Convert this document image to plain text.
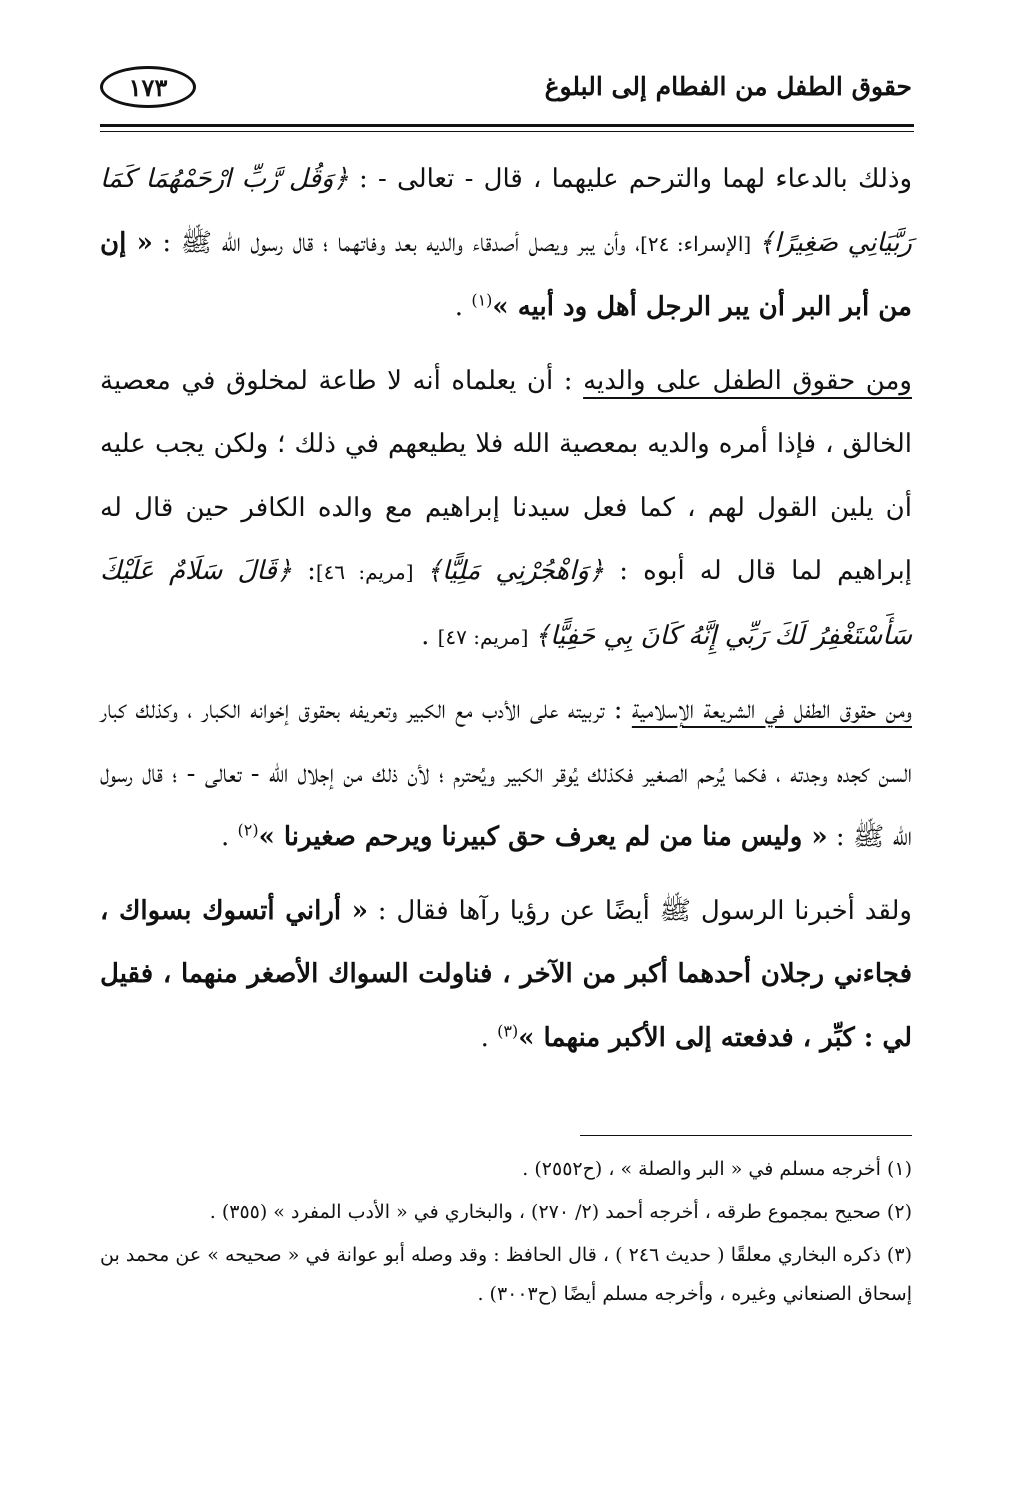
حقوق الطفل من الفطام إلى البلوغ
١٧٣

وذلك بالدعاء لهما والترحم عليهما ، قال - تعالى - : ﴿وَقُل رَّبِّ ارْحَمْهُمَا كَمَا رَبَّيَانِي صَغِيرًا﴾ [الإسراء: ٢٤]، وأن يبر ويصل أصدقاء والديه بعد وفاتهما ؛ قال رسول الله ﷺ : « إن من أبر البر أن يبر الرجل أهل ود أبيه »$^{(١)}$ .

ومن حقوق الطفل على والديه : أن يعلماه أنه لا طاعة لمخلوق في معصية الخالق ، فإذا أمره والديه بمعصية الله فلا يطيعهم في ذلك ؛ ولكن يجب عليه أن يلين القول لهم ، كما فعل سيدنا إبراهيم مع والده الكافر حين قال له إبراهيم لما قال له أبوه : ﴿وَاهْجُرْنِي مَلِيًّا﴾ [مريم: ٤٦]: ﴿قَالَ سَلَامٌ عَلَيْكَ سَأَسْتَغْفِرُ لَكَ رَبِّي إِنَّهُ كَانَ بِي حَفِيًّا﴾ [مريم: ٤٧] .

ومن حقوق الطفل في الشريعة الإسلامية : تربيته على الأدب مع الكبير وتعريفه بحقوق إخوانه الكبار ، وكذلك كبار السن كجده وجدته ، فكما يُرحم الصغير فكذلك يُوقر الكبير ويُحترم ؛ لأن ذلك من إجلال الله - تعالى - ؛ قال رسول الله ﷺ : « وليس منا من لم يعرف حق كبيرنا ويرحم صغيرنا »$^{(٢)}$ .

ولقد أخبرنا الرسول ﷺ أيضًا عن رؤيا رآها فقال : « أراني أتسوك بسواك ، فجاءني رجلان أحدهما أكبر من الآخر ، فناولت السواك الأصغر منهما ، فقيل لي : كبِّر ، فدفعته إلى الأكبر منهما »$^{(٣)}$ .

(١) أخرجه مسلم في « البر والصلة » ، (ح٢٥٥٢) .

(٢) صحيح بمجموع طرقه ، أخرجه أحمد (٢/ ٢٧٠) ، والبخاري في « الأدب المفرد » (٣٥٥) .

(٣) ذكره البخاري معلقًا ( حديث ٢٤٦ ) ، قال الحافظ : وقد وصله أبو عوانة في « صحيحه » عن محمد بن إسحاق الصنعاني وغيره ، وأخرجه مسلم أيضًا (ح٣٠٠٣) .
